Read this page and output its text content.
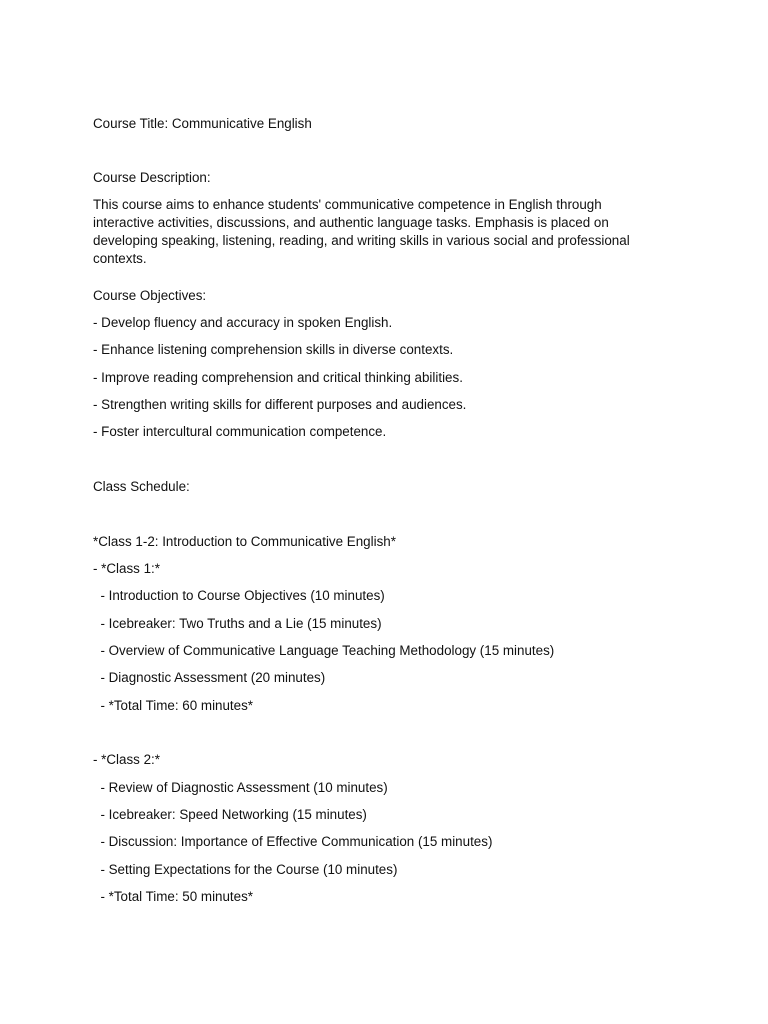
Course Title: Communicative English
Course Description:
This course aims to enhance students' communicative competence in English through interactive activities, discussions, and authentic language tasks. Emphasis is placed on developing speaking, listening, reading, and writing skills in various social and professional contexts.
Course Objectives:
- Develop fluency and accuracy in spoken English.
- Enhance listening comprehension skills in diverse contexts.
- Improve reading comprehension and critical thinking abilities.
- Strengthen writing skills for different purposes and audiences.
- Foster intercultural communication competence.
Class Schedule:
*Class 1-2: Introduction to Communicative English*
- *Class 1:*
- Introduction to Course Objectives (10 minutes)
- Icebreaker: Two Truths and a Lie (15 minutes)
- Overview of Communicative Language Teaching Methodology (15 minutes)
- Diagnostic Assessment (20 minutes)
- *Total Time: 60 minutes*
- *Class 2:*
- Review of Diagnostic Assessment (10 minutes)
- Icebreaker: Speed Networking (15 minutes)
- Discussion: Importance of Effective Communication (15 minutes)
- Setting Expectations for the Course (10 minutes)
- *Total Time: 50 minutes*
